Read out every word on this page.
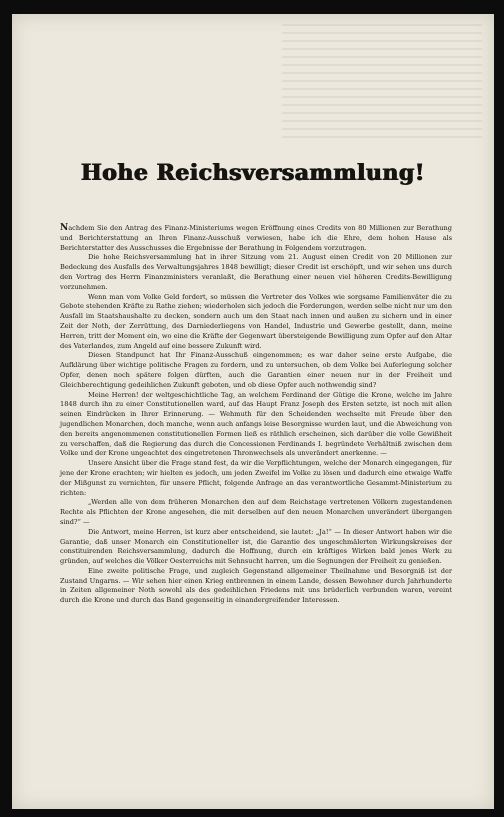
Hohe Reichsversammlung!

Nachdem Sie den Antrag des Finanz-Ministeriums wegen Eröffnung eines Credits von 80 Millionen zur Berathung und Berichterstattung an Ihren Finanz-Ausschuß verwiesen, habe ich die Ehre, dem hohen Hause als Berichterstatter des Ausschusses die Ergebnisse der Berathung in Folgendem vorzutragen.

Die hohe Reichsversammlung hat in ihrer Sitzung vom 21. August einen Credit von 20 Millionen zur Bedeckung des Ausfalls des Verwaltungsjahres 1848 bewilligt; dieser Credit ist erschöpft, und wir sehen uns durch den Vortrag des Herrn Finanzministers veranlaßt, die Berathung einer neuen viel höheren Credits-Bewilligung vorzunehmen.

Wenn man vom Volke Geld fordert, so müssen die Vertreter des Volkes wie sorgsame Familienväter die zu Gebote stehenden Kräfte zu Rathe ziehen; wiederholen sich jedoch die Forderungen, werden selbe nicht nur um den Ausfall im Staatshaushalte zu decken, sondern auch um den Staat nach innen und außen zu sichern und in einer Zeit der Noth, der Zerrüttung, des Darniederliegens von Handel, Industrie und Gewerbe gestellt, dann, meine Herren, tritt der Moment ein, wo eine die Kräfte der Gegenwart übersteigende Bewilligung zum Opfer auf den Altar des Vaterlandes, zum Angeld auf eine bessere Zukunft wird.

Diesen Standpunct hat Ihr Finanz-Ausschuß eingenommen; es war daher seine erste Aufgabe, die Aufklärung über wichtige politische Fragen zu fordern, und zu untersuchen, ob dem Volke bei Auferlegung solcher Opfer, denen noch spätere folgen dürften, auch die Garantien einer neuen nur in der Freiheit und Gleichberechtigung gedeihlichen Zukunft geboten, und ob diese Opfer auch nothwendig sind?

Meine Herren! der weltgeschichtliche Tag, an welchem Ferdinand der Gütige die Krone, welche im Jahre 1848 durch ihn zu einer Constitutionellen ward, auf das Haupt Franz Joseph des Ersten setzte, ist noch mit allen seinen Eindrücken in Ihrer Erinnerung. — Wehmuth für den Scheidenden wechselte mit Freude über den jugendlichen Monarchen, doch manche, wenn auch anfangs leise Besorgnisse wurden laut, und die Abweichung von den bereits angenommenen constitutionellen Formen ließ es räthlich erscheinen, sich darüber die volle Gewißheit zu verschaffen, daß die Regierung das durch die Concessionen Ferdinands I. begründete Verhältniß zwischen dem Volke und der Krone ungeachtet des eingetretenen Thronwechsels als unverändert anerkenne. —

Unsere Ansicht über die Frage stand fest, da wir die Verpflichtungen, welche der Monarch eingegangen, für jene der Krone erachten; wir hielten es jedoch, um jeden Zweifel im Volke zu lösen und dadurch eine etwaige Waffe der Mißgunst zu vernichten, für unsere Pflicht, folgende Anfrage an das verantwortliche Gesammt-Ministerium zu richten:

„Werden alle von dem früheren Monarchen den auf dem Reichstage vertretenen Völkern zugestandenen Rechte als Pflichten der Krone angesehen, die mit derselben auf den neuen Monarchen unverändert übergangen sind?“ —

Die Antwort, meine Herren, ist kurz aber entscheidend, sie lautet: „Ja!“ — In dieser Antwort haben wir die Garantie, daß unser Monarch ein Constitutioneller ist, die Garantie des ungeschmälerten Wirkungskreises der constituirenden Reichsversammlung, dadurch die Hoffnung, durch ein kräftiges Wirken bald jenes Werk zu gründen, auf welches die Völker Oesterreichs mit Sehnsucht harren, um die Segnungen der Freiheit zu genießen.

Eine zweite politische Frage, und zugleich Gegenstand allgemeiner Theilnahme und Besorgniß ist der Zustand Ungarns. — Wir sehen hier einen Krieg entbrennen in einem Lande, dessen Bewohner durch Jahrhunderte in Zeiten allgemeiner Noth sowohl als des gedeihlichen Friedens mit uns brüderlich verbunden waren, vereint durch die Krone und durch das Band gegenseitig in einandergreifender Interessen.
